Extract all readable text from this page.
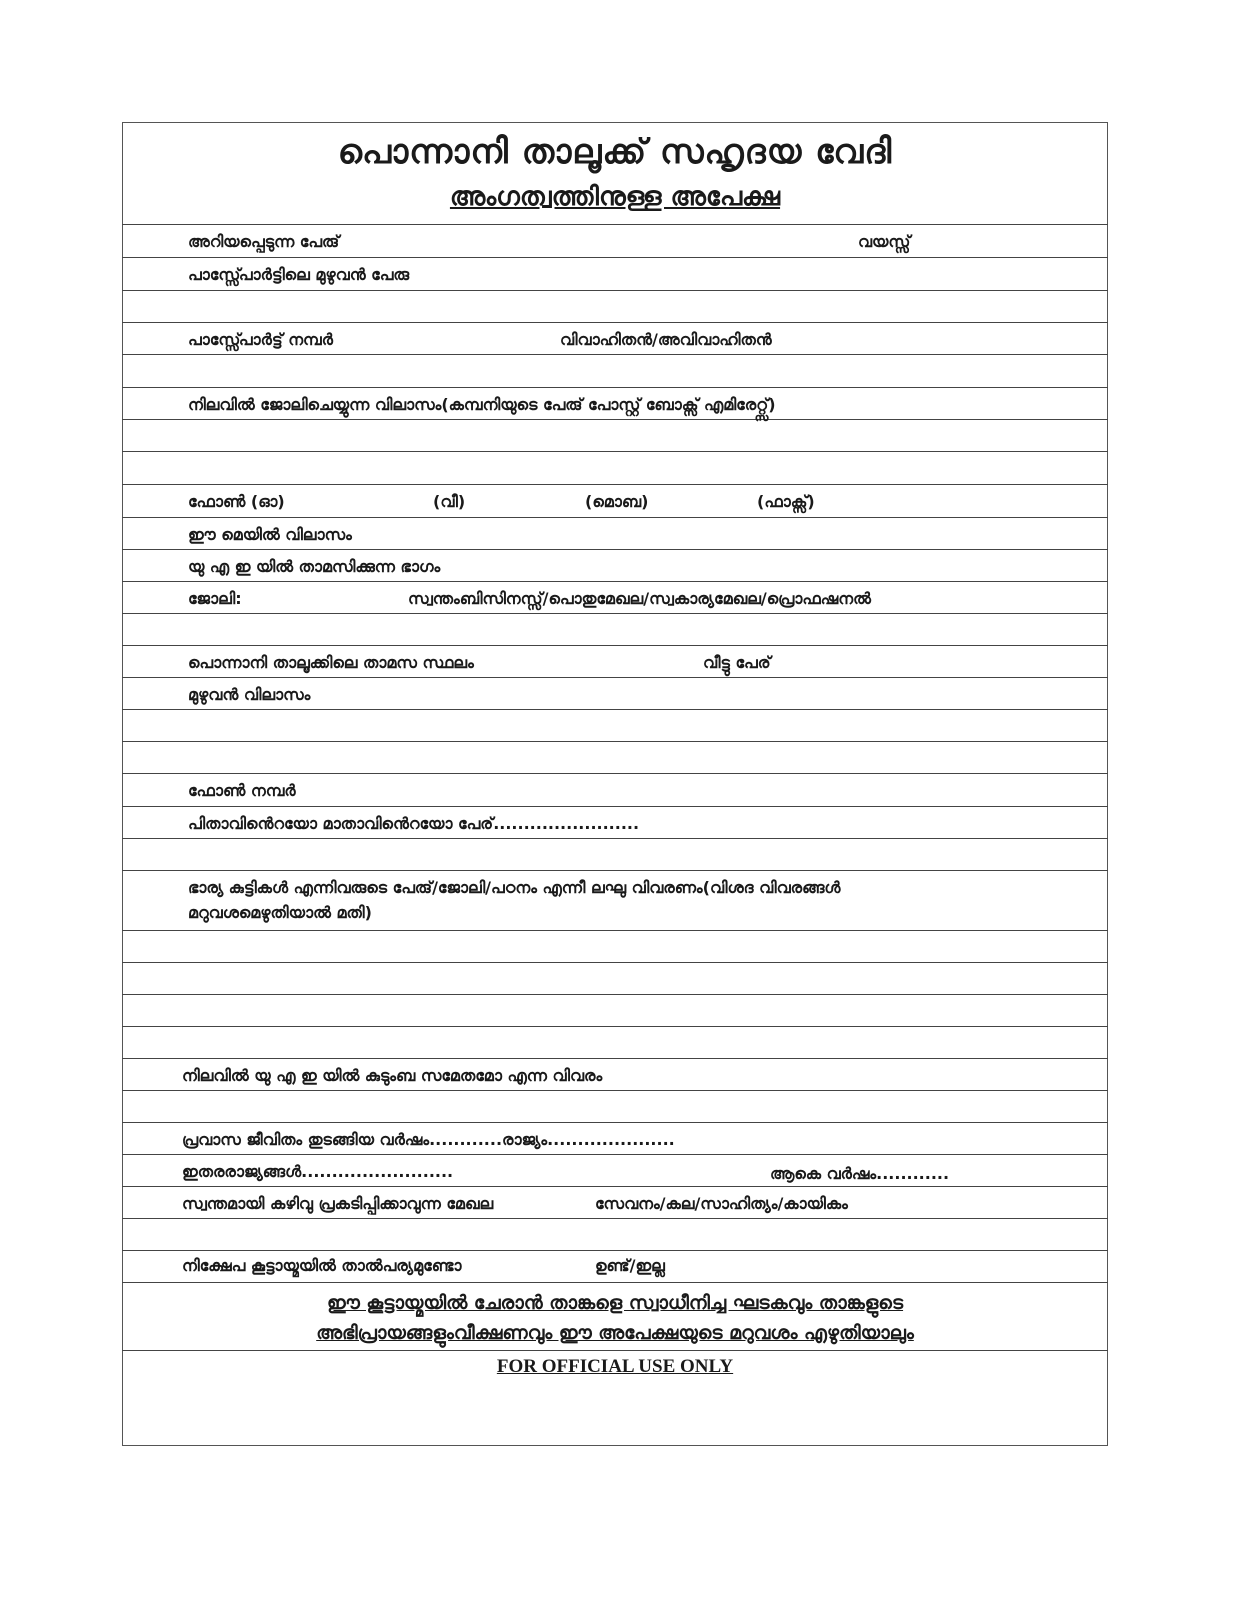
പൊന്നാനി താലൂക്ക് സഹൃദയ വേദി
അംഗത്വത്തിനുള്ള അപേക്ഷ
അറിയപ്പെടുന്ന പേരു്	വയസ്സ്
പാസ്സ്പോർട്ടിലെ മുഴുവൻ പേരു
പാസ്സ്പോർട്ട് നമ്പർ	വിവാഹിതൻ/അവിവാഹിതൻ
നിലവിൽ ജോലിചെയ്യുന്ന വിലാസം(കമ്പനിയുടെ പേരു് പോസ്റ്റ് ബോക്സ് എമിരേറ്റ്സ്)
ഫോൺ (ഓ)	(വീ)	(മൊബ)	(ഫാക്സ്)
ഈ മെയിൽ വിലാസം
യു എ ഇ യിൽ താമസിക്കുന്ന ഭാഗം
ജോലി:	സ്വന്തംബിസിനസ്സ്/പൊതുമേഖല/സ്വകാര്യമേഖല/പ്രൊഫഷനൽ
പൊന്നാനി താലൂക്കിലെ താമസ സ്ഥലം	വീട്ടു പേര്
മുഴുവൻ വിലാസം
ഫോൺ നമ്പർ
പിതാവിൻെറയോ മാതാവിൻെറയോ പേര്........................
ഭാര്യ കുട്ടികൾ എന്നിവരുടെ പേരു്/ജോലി/പഠനം എന്നീ ലഘു വിവരണം(വിശദ വിവരങ്ങൾ
മറുവശമെഴുതിയാൽ മതി)
നിലവിൽ യു എ ഇ യിൽ കുടുംബ സമേതമോ എന്ന വിവരം
പ്രവാസ ജീവിതം തുടങ്ങിയ വർഷം............രാജ്യം.....................
ഇതരരാജ്യങ്ങൾ.........................	ആകെ വർഷം............
സ്വന്തമായി കഴിവു പ്രകടിപ്പിക്കാവുന്ന മേഖല	സേവനം/കല/സാഹിത്യം/കായികം
നിക്ഷേപ കൂട്ടായ്മയിൽ താൽപര്യമുണ്ടോ	ഉണ്ട്/ഇല്ല
ഈ കൂട്ടായ്മയിൽ ചേരാൻ താങ്കളെ സ്വാധീനിച്ച ഘടകവും താങ്കളുടെ
അഭിപ്രായങ്ങളുംവീക്ഷണവും ഈ അപേക്ഷയുടെ മറുവശം എഴുതിയാലും
FOR OFFICIAL USE ONLY
